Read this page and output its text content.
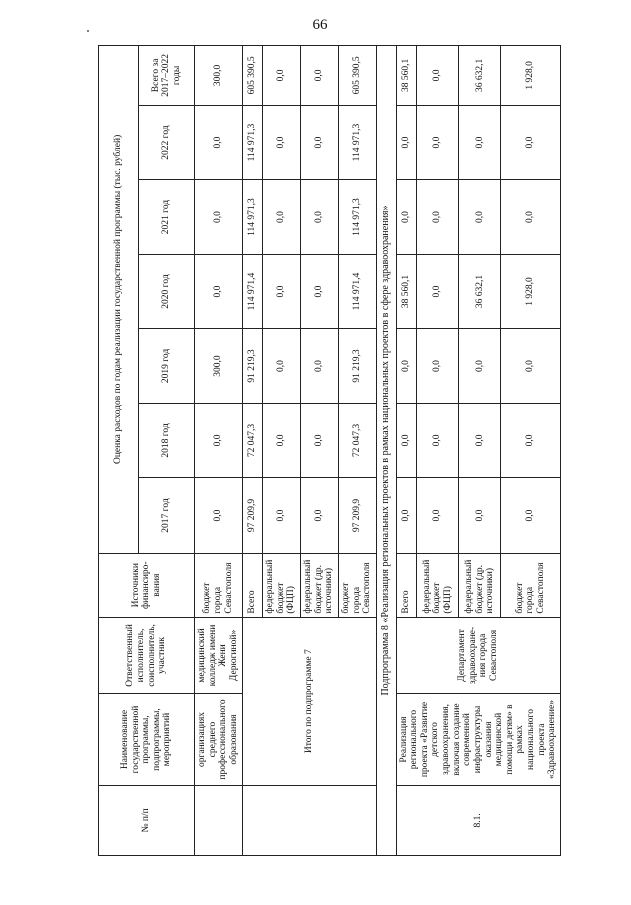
66
№ п/п	Наименование государственной программы, подпрограммы, мероприятий	Ответственный исполнитель, соисполнитель, участник	Источники финансиро-вания	Оценка расходов по годам реализации государственной программы (тыс. рублей)						
				2017 год	2018 год	2019 год	2020 год	2021 год	2022 год	Всего за 2017–2022 годы
	организациях среднего профессионального образования	медицинский колледж имени Жени Дерюгиной»	бюджет города Севастополя	0,0	0,0	300,0	0,0	0,0	0,0	300,0
	Итого по подпрограмме 7		Всего	97 209,9	72 047,3	91 219,3	114 971,4	114 971,3	114 971,3	605 390,5
			федеральный бюджет (ФЦП)	0,0	0,0	0,0	0,0	0,0	0,0	0,0
			федеральный бюджет (др. источники)	0,0	0,0	0,0	0,0	0,0	0,0	0,0
			бюджет города Севастополя	97 209,9	72 047,3	91 219,3	114 971,4	114 971,3	114 971,3	605 390,5
Подпрограмма 8 «Реализация региональных проектов в рамках национальных проектов в сфере здравоохранения»										
8.1.	Реализация регионального проекта «Развитие детского здравоохранения, включая создание современной инфраструктуры оказания медицинской помощи детям» в рамках национального проекта «Здравоохранение»	Департамент здравоохране-ния города Севастополя	Всего	0,0	0,0	0,0	38 560,1	0,0	0,0	38 560,1
			федеральный бюджет (ФЦП)	0,0	0,0	0,0	0,0	0,0	0,0	0,0
			федеральный бюджет (др. источники)	0,0	0,0	0,0	36 632,1	0,0	0,0	36 632,1
			бюджет города Севастополя	0,0	0,0	0,0	1 928,0	0,0	0,0	1 928,0
